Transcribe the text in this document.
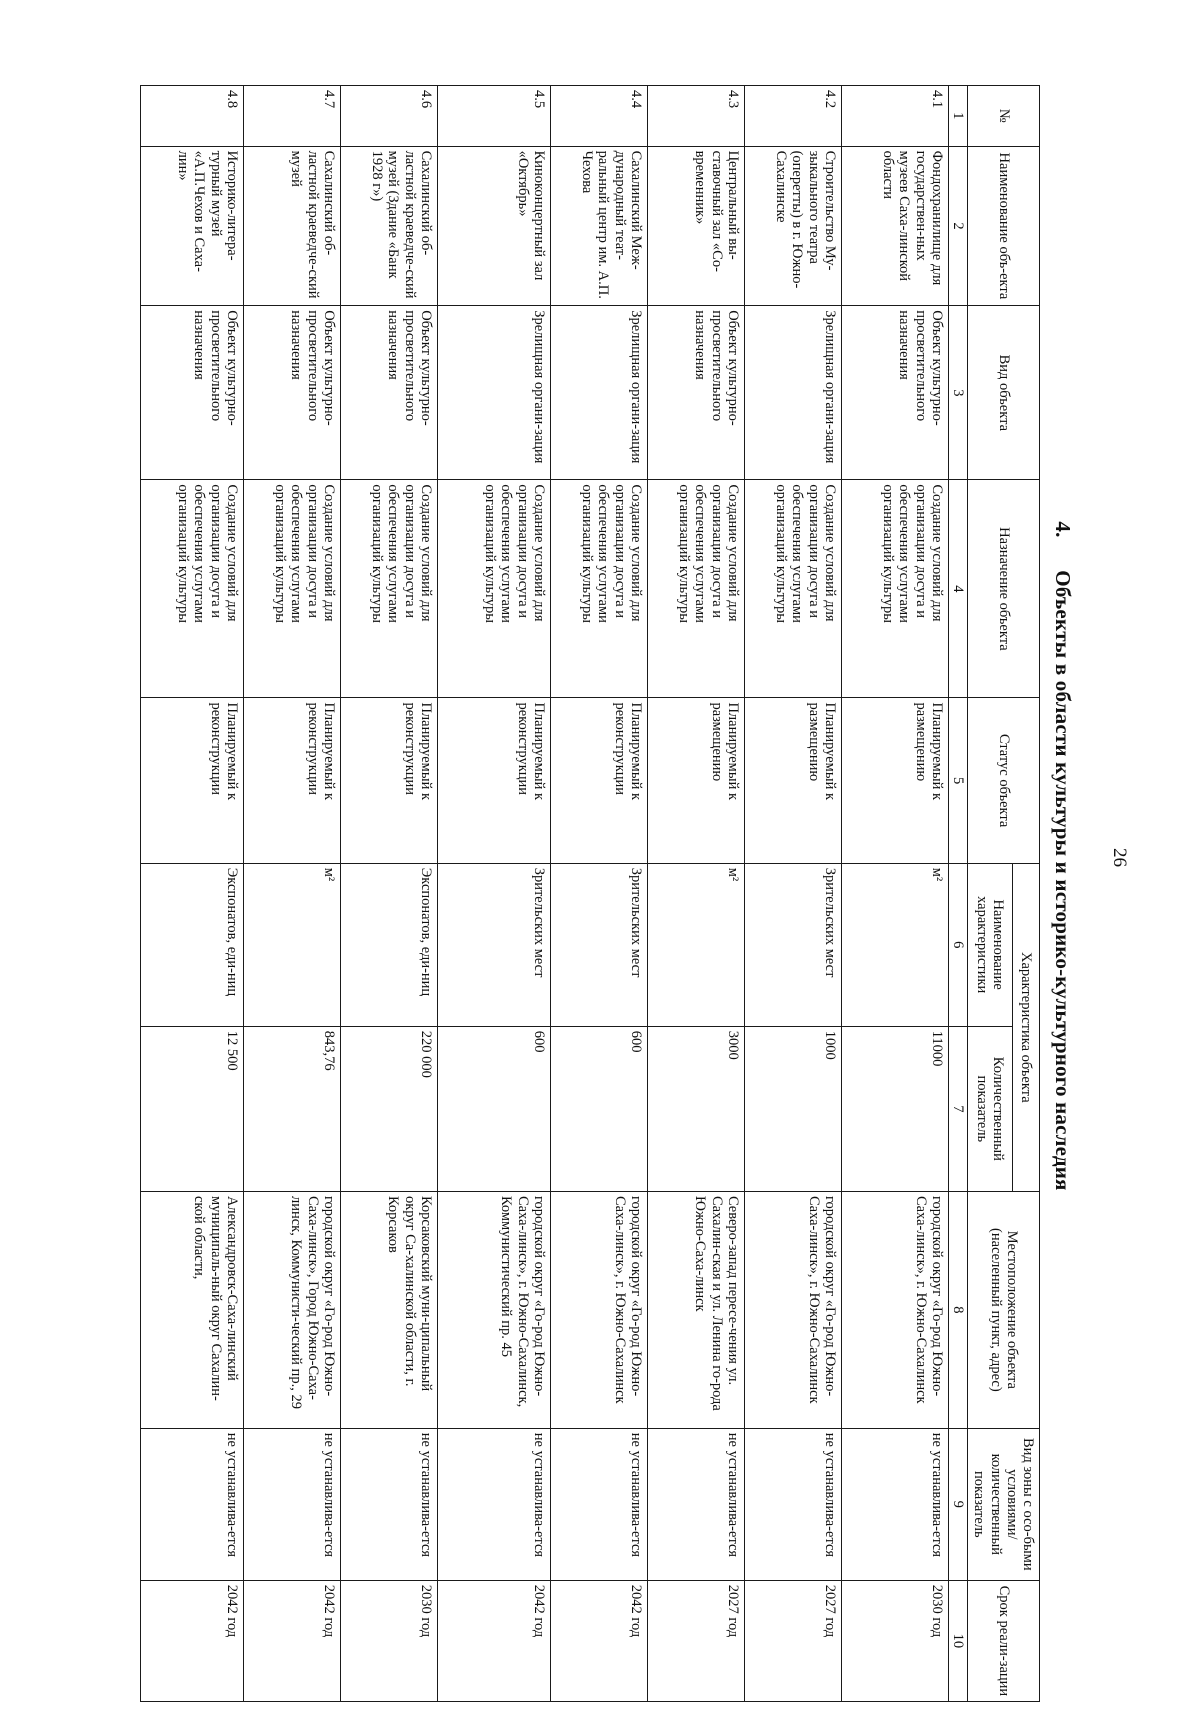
26
4.      Объекты в области культуры и историко-культурного наследия
№	Наименование объ-екта	Вид объекта	Назначение объекта	Статус объекта	Характеристика объекта		Местоположение объекта (населенный пункт, адрес)	Вид зоны с осо-быми условиями/ количественный показатель	Срок реали-зации
					Наименование характеристики	Количественный показатель			
1	2	3	4	5	6	7	8	9	10
4.1	Фондохранилище для государствен-ных музеев Саха-линской области	Объект культурно-просветительного назначения	Создание условий для организации досуга и обеспечения услугами организаций культуры	Планируемый к размещению	м²	11000	городской округ «Го-род Южно-Саха-линск», г. Южно-Сахалинск	не устанавлива-ется	2030 год
4.2	Строительство Му-зыкального театра (оперетты) в г. Южно-Сахалинске	Зрелищная органи-зация	Создание условий для организации досуга и обеспечения услугами организаций культуры	Планируемый к размещению	Зрительских мест	1000	городской округ «Го-род Южно-Саха-линск», г. Южно-Сахалинск	не устанавлива-ется	2027 год
4.3	Центральный вы-ставочный зал «Со-временник»	Объект культурно-просветительного назначения	Создание условий для организации досуга и обеспечения услугами организаций культуры	Планируемый к размещению	м²	3000	Северо-запад пересе-чения ул. Сахалин-ская и ул. Ленина го-рода Южно-Саха-линск	не устанавлива-ется	2027 год
4.4	Сахалинский Меж-дународный теат-ральный центр им. А.П. Чехова	Зрелищная органи-зация	Создание условий для организации досуга и обеспечения услугами организаций культуры	Планируемый к реконструкции	Зрительских мест	600	городской округ «Го-род Южно-Саха-линск», г. Южно-Сахалинск	не устанавлива-ется	2042 год
4.5	Киноконцертный зал «Октябрь»	Зрелищная органи-зация	Создание условий для организации досуга и обеспечения услугами организаций культуры	Планируемый к реконструкции	Зрительских мест	600	городской округ «Го-род Южно-Саха-линск», г. Южно-Сахалинск, Коммунистический пр. 45	не устанавлива-ется	2042 год
4.6	Сахалинский об-ластной краеведче-ский музей (Здание «Банк 1928 г»)	Объект культурно-просветительного назначения	Создание условий для организации досуга и обеспечения услугами организаций культуры	Планируемый к реконструкции	Экспонатов, еди-ниц	220 000	Корсаковский муни-ципальный округ Са-халинской области, г. Корсаков	не устанавлива-ется	2030 год
4.7	Сахалинский об-ластной краеведче-ский музей	Объект культурно-просветительного назначения	Создание условий для организации досуга и обеспечения услугами организаций культуры	Планируемый к реконструкции	м²	843,76	городской округ «Го-род Южно-Саха-линск», Город Южно-Саха-линск, Коммунисти-ческий пр., 29	не устанавлива-ется	2042 год
4.8	Историко-литера-турный музей «А.П.Чехов и Саха-лин»	Объект культурно-просветительного назначения	Создание условий для организации досуга и обеспечения услугами организаций культуры	Планируемый к реконструкции	Экспонатов, еди-ниц	12 500	Александровск-Саха-линский муниципаль-ный округ Сахалин-ской области,	не устанавлива-ется	2042 год
